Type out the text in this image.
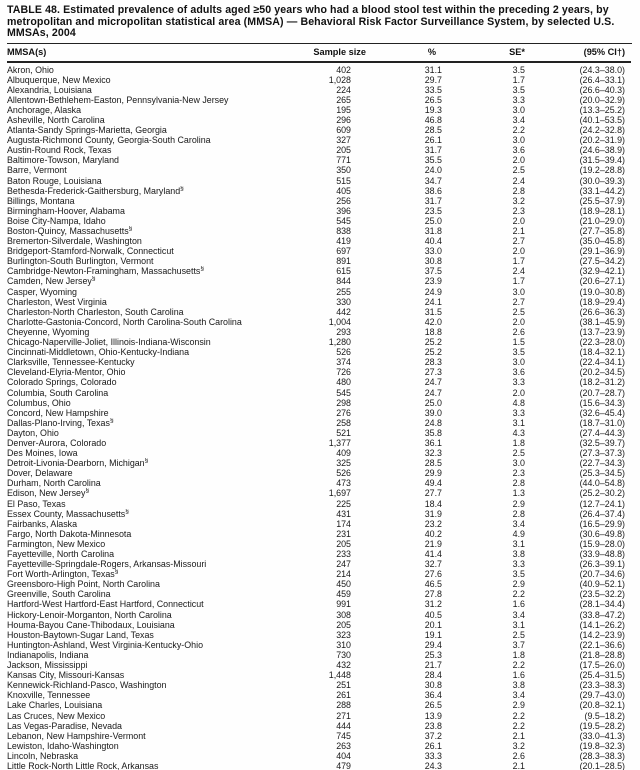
TABLE 48. Estimated prevalence of adults aged ≥50 years who had a blood stool test within the preceding 2 years, by metropolitan and micropolitan statistical area (MMSA) — Behavioral Risk Factor Surveillance System, by selected U.S. MMSAs, 2004
MMSA(s)	Sample size	%	SE*	(95% CI†)
Akron, Ohio	402	31.1	3.5	(24.3–38.0)
Albuquerque, New Mexico	1,028	29.7	1.7	(26.4–33.1)
Alexandria, Louisiana	224	33.5	3.5	(26.6–40.3)
Allentown-Bethlehem-Easton, Pennsylvania-New Jersey	265	26.5	3.3	(20.0–32.9)
Anchorage, Alaska	195	19.3	3.0	(13.3–25.2)
Asheville, North Carolina	296	46.8	3.4	(40.1–53.5)
Atlanta-Sandy Springs-Marietta, Georgia	609	28.5	2.2	(24.2–32.8)
Augusta-Richmond County, Georgia-South Carolina	327	26.1	3.0	(20.2–31.9)
Austin-Round Rock, Texas	205	31.7	3.6	(24.6–38.9)
Baltimore-Towson, Maryland	771	35.5	2.0	(31.5–39.4)
Barre, Vermont	350	24.0	2.5	(19.2–28.8)
Baton Rouge, Louisiana	515	34.7	2.4	(30.0–39.3)
Bethesda-Frederick-Gaithersburg, Maryland§	405	38.6	2.8	(33.1–44.2)
Billings, Montana	256	31.7	3.2	(25.5–37.9)
Birmingham-Hoover, Alabama	396	23.5	2.3	(18.9–28.1)
Boise City-Nampa, Idaho	545	25.0	2.0	(21.0–29.0)
Boston-Quincy, Massachusetts§	838	31.8	2.1	(27.7–35.8)
Bremerton-Silverdale, Washington	419	40.4	2.7	(35.0–45.8)
Bridgeport-Stamford-Norwalk, Connecticut	697	33.0	2.0	(29.1–36.9)
Burlington-South Burlington, Vermont	891	30.8	1.7	(27.5–34.2)
Cambridge-Newton-Framingham, Massachusetts§	615	37.5	2.4	(32.9–42.1)
Camden, New Jersey§	844	23.9	1.7	(20.6–27.1)
Casper, Wyoming	255	24.9	3.0	(19.0–30.8)
Charleston, West Virginia	330	24.1	2.7	(18.9–29.4)
Charleston-North Charleston, South Carolina	442	31.5	2.5	(26.6–36.3)
Charlotte-Gastonia-Concord, North Carolina-South Carolina	1,004	42.0	2.0	(38.1–45.9)
Cheyenne, Wyoming	293	18.8	2.6	(13.7–23.9)
Chicago-Naperville-Joliet, Illinois-Indiana-Wisconsin	1,280	25.2	1.5	(22.3–28.0)
Cincinnati-Middletown, Ohio-Kentucky-Indiana	526	25.2	3.5	(18.4–32.1)
Clarksville, Tennessee-Kentucky	374	28.3	3.0	(22.4–34.1)
Cleveland-Elyria-Mentor, Ohio	726	27.3	3.6	(20.2–34.5)
Colorado Springs, Colorado	480	24.7	3.3	(18.2–31.2)
Columbia, South Carolina	545	24.7	2.0	(20.7–28.7)
Columbus, Ohio	298	25.0	4.8	(15.6–34.3)
Concord, New Hampshire	276	39.0	3.3	(32.6–45.4)
Dallas-Plano-Irving, Texas§	258	24.8	3.1	(18.7–31.0)
Dayton, Ohio	521	35.8	4.3	(27.4–44.3)
Denver-Aurora, Colorado	1,377	36.1	1.8	(32.5–39.7)
Des Moines, Iowa	409	32.3	2.5	(27.3–37.3)
Detroit-Livonia-Dearborn, Michigan§	325	28.5	3.0	(22.7–34.3)
Dover, Delaware	526	29.9	2.3	(25.3–34.5)
Durham, North Carolina	473	49.4	2.8	(44.0–54.8)
Edison, New Jersey§	1,697	27.7	1.3	(25.2–30.2)
El Paso, Texas	225	18.4	2.9	(12.7–24.1)
Essex County, Massachusetts§	431	31.9	2.8	(26.4–37.4)
Fairbanks, Alaska	174	23.2	3.4	(16.5–29.9)
Fargo, North Dakota-Minnesota	231	40.2	4.9	(30.6–49.8)
Farmington, New Mexico	205	21.9	3.1	(15.9–28.0)
Fayetteville, North Carolina	233	41.4	3.8	(33.9–48.8)
Fayetteville-Springdale-Rogers, Arkansas-Missouri	247	32.7	3.3	(26.3–39.1)
Fort Worth-Arlington, Texas§	214	27.6	3.5	(20.7–34.6)
Greensboro-High Point, North Carolina	450	46.5	2.9	(40.9–52.1)
Greenville, South Carolina	459	27.8	2.2	(23.5–32.2)
Hartford-West Hartford-East Hartford, Connecticut	991	31.2	1.6	(28.1–34.4)
Hickory-Lenoir-Morganton, North Carolina	308	40.5	3.4	(33.8–47.2)
Houma-Bayou Cane-Thibodaux, Louisiana	205	20.1	3.1	(14.1–26.2)
Houston-Baytown-Sugar Land, Texas	323	19.1	2.5	(14.2–23.9)
Huntington-Ashland, West Virginia-Kentucky-Ohio	310	29.4	3.7	(22.1–36.6)
Indianapolis, Indiana	730	25.3	1.8	(21.8–28.8)
Jackson, Mississippi	432	21.7	2.2	(17.5–26.0)
Kansas City, Missouri-Kansas	1,448	28.4	1.6	(25.4–31.5)
Kennewick-Richland-Pasco, Washington	251	30.8	3.8	(23.3–38.3)
Knoxville, Tennessee	261	36.4	3.4	(29.7–43.0)
Lake Charles, Louisiana	288	26.5	2.9	(20.8–32.1)
Las Cruces, New Mexico	271	13.9	2.2	(9.5–18.2)
Las Vegas-Paradise, Nevada	444	23.8	2.2	(19.5–28.2)
Lebanon, New Hampshire-Vermont	745	37.2	2.1	(33.0–41.3)
Lewiston, Idaho-Washington	263	26.1	3.2	(19.8–32.3)
Lincoln, Nebraska	404	33.3	2.6	(28.3–38.3)
Little Rock-North Little Rock, Arkansas	479	24.3	2.1	(20.1–28.5)
